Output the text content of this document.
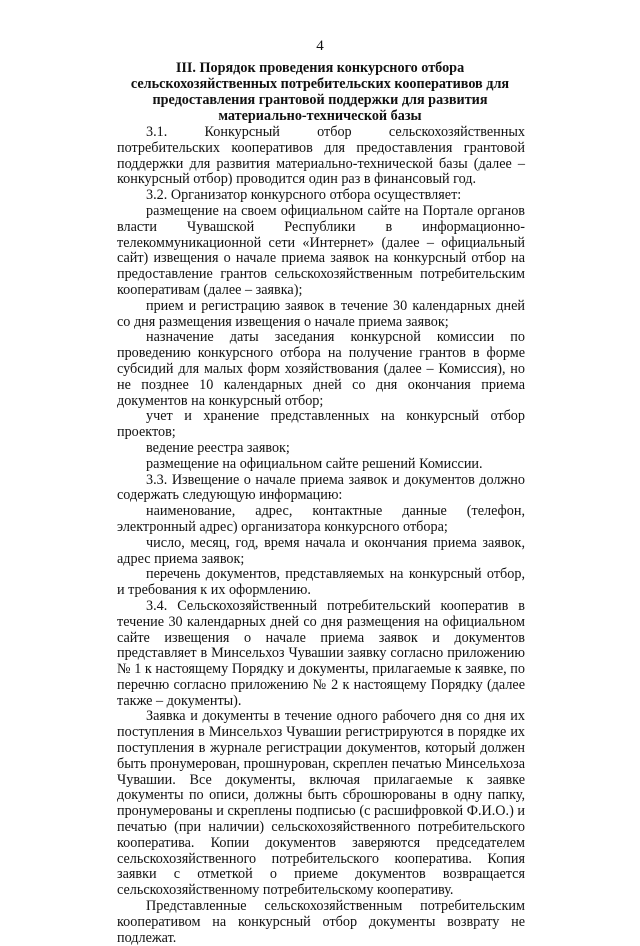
4
III. Порядок проведения конкурсного отбора сельскохозяйственных потребительских кооперативов для предоставления грантовой поддержки для развития материально-технической базы

3.1. Конкурсный отбор сельскохозяйственных потребительских кооперативов для предоставления грантовой поддержки для развития материально-технической базы (далее – конкурсный отбор) проводится один раз в финансовый год.

3.2. Организатор конкурсного отбора осуществляет:

размещение на своем официальном сайте на Портале органов власти Чувашской Республики в информационно-телекоммуникационной сети «Интернет» (далее – официальный сайт) извещения о начале приема заявок на конкурсный отбор на предоставление грантов сельскохозяйственным потребительским кооперативам (далее – заявка);

прием и регистрацию заявок в течение 30 календарных дней со дня размещения извещения о начале приема заявок;

назначение даты заседания конкурсной комиссии по проведению конкурсного отбора на получение грантов в форме субсидий для малых форм хозяйствования (далее – Комиссия), но не позднее 10 календарных дней со дня окончания приема документов на конкурсный отбор;

учет и хранение представленных на конкурсный отбор проектов;

ведение реестра заявок;

размещение на официальном сайте решений Комиссии.

3.3. Извещение о начале приема заявок и документов должно содержать следующую информацию:

наименование, адрес, контактные данные (телефон, электронный адрес) организатора конкурсного отбора;

число, месяц, год, время начала и окончания приема заявок, адрес приема заявок;

перечень документов, представляемых на конкурсный отбор, и требования к их оформлению.

3.4. Сельскохозяйственный потребительский кооператив в течение 30 календарных дней со дня размещения на официальном сайте извещения о начале приема заявок и документов представляет в Минсельхоз Чувашии заявку согласно приложению № 1 к настоящему Порядку и документы, прилагаемые к заявке, по перечню согласно приложению № 2 к настоящему Порядку (далее также – документы).

Заявка и документы в течение одного рабочего дня со дня их поступления в Минсельхоз Чувашии регистрируются в порядке их поступления в журнале регистрации документов, который должен быть пронумерован, прошнурован, скреплен печатью Минсельхоза Чувашии. Все документы, включая прилагаемые к заявке документы по описи, должны быть сброшюрованы в одну папку, пронумерованы и скреплены подписью (с расшифровкой Ф.И.О.) и печатью (при наличии) сельскохозяйственного потребительского кооператива. Копии документов заверяются председателем сельскохозяйственного потребительского кооператива. Копия заявки с отметкой о приеме документов возвращается сельскохозяйственному потребительскому кооперативу.

Представленные сельскохозяйственным потребительским кооперативом на конкурсный отбор документы возврату не подлежат.
